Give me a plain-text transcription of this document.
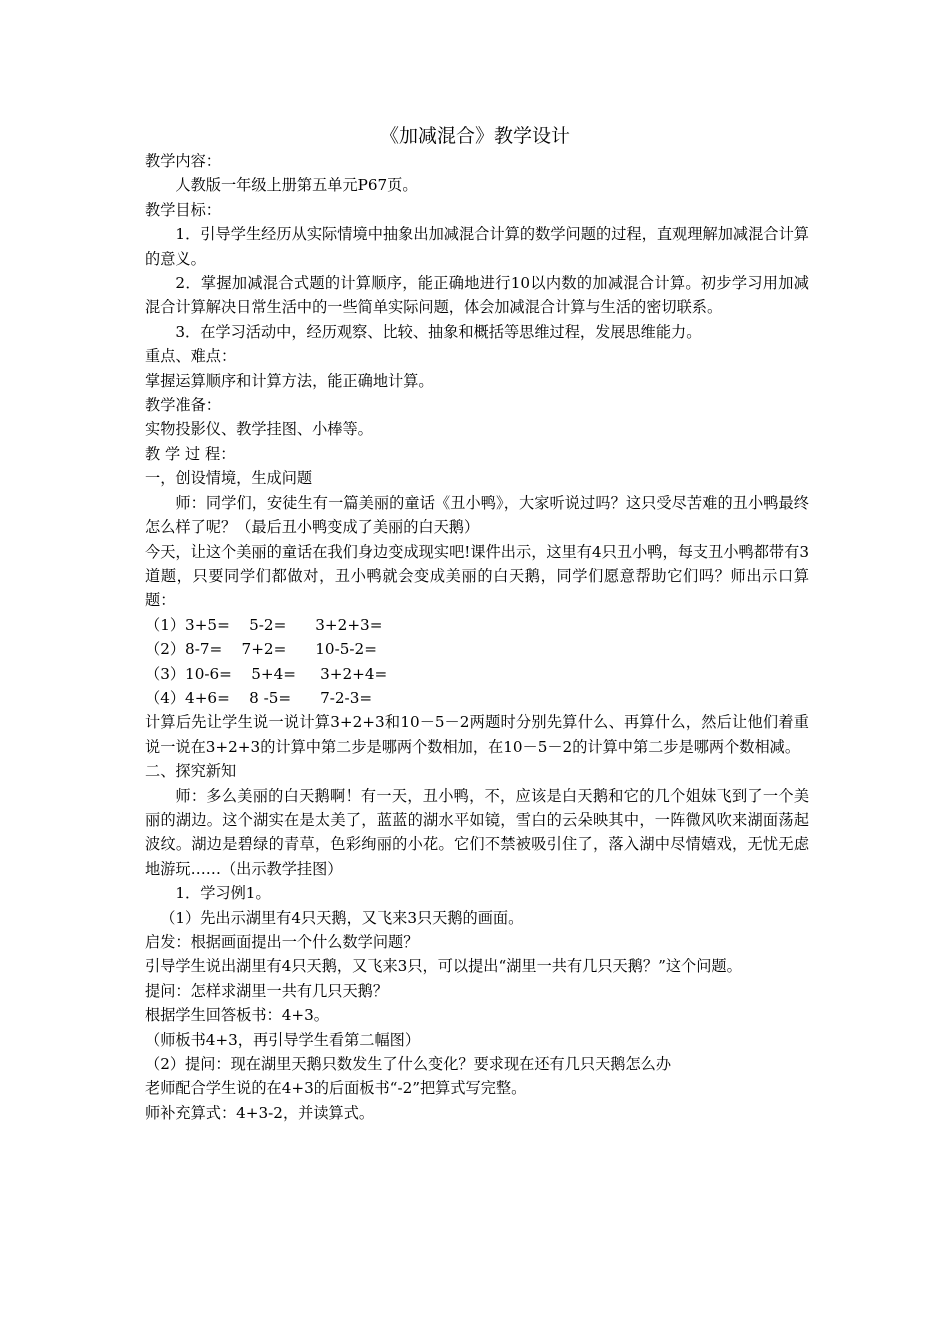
《加减混合》教学设计

教学内容：

人教版一年级上册第五单元P67页。

教学目标：

1．引导学生经历从实际情境中抽象出加减混合计算的数学问题的过程，直观理解加减混合计算的意义。

2．掌握加减混合式题的计算顺序，能正确地进行10以内数的加减混合计算。初步学习用加减混合计算解决日常生活中的一些简单实际问题，体会加减混合计算与生活的密切联系。

3．在学习活动中，经历观察、比较、抽象和概括等思维过程，发展思维能力。

重点、难点：

掌握运算顺序和计算方法，能正确地计算。

教学准备：

实物投影仪、教学挂图、小棒等。

教 学 过 程：

一，创设情境，生成问题

师：同学们，安徒生有一篇美丽的童话《丑小鸭》，大家听说过吗？这只受尽苦难的丑小鸭最终怎么样了呢？（最后丑小鸭变成了美丽的白天鹅）

今天，让这个美丽的童话在我们身边变成现实吧!课件出示，这里有4只丑小鸭，每支丑小鸭都带有3道题，只要同学们都做对，丑小鸭就会变成美丽的白天鹅，同学们愿意帮助它们吗？师出示口算题：

（1）3+5=    5-2=      3+2+3=

（2）8-7=    7+2=      10-5-2=

（3）10-6=    5+4=     3+2+4=

（4）4+6=    8 -5=      7-2-3=

计算后先让学生说一说计算3+2+3和10－5－2两题时分别先算什么、再算什么，然后让他们着重说一说在3+2+3的计算中第二步是哪两个数相加，在10－5－2的计算中第二步是哪两个数相减。

二、探究新知

师：多么美丽的白天鹅啊！有一天，丑小鸭，不，应该是白天鹅和它的几个姐妹飞到了一个美丽的湖边。这个湖实在是太美了，蓝蓝的湖水平如镜，雪白的云朵映其中，一阵微风吹来湖面荡起波纹。湖边是碧绿的青草，色彩绚丽的小花。它们不禁被吸引住了，落入湖中尽情嬉戏，无忧无虑地游玩……（出示教学挂图）

1．学习例1。

（1）先出示湖里有4只天鹅，又飞来3只天鹅的画面。

启发：根据画面提出一个什么数学问题？

引导学生说出湖里有4只天鹅，又飞来3只，可以提出“湖里一共有几只天鹅？”这个问题。

提问：怎样求湖里一共有几只天鹅？

根据学生回答板书：4+3。

（师板书4+3，再引导学生看第二幅图）

（2）提问：现在湖里天鹅只数发生了什么变化？要求现在还有几只天鹅怎么办

老师配合学生说的在4+3的后面板书“-2”把算式写完整。

师补充算式：4+3-2，并读算式。
